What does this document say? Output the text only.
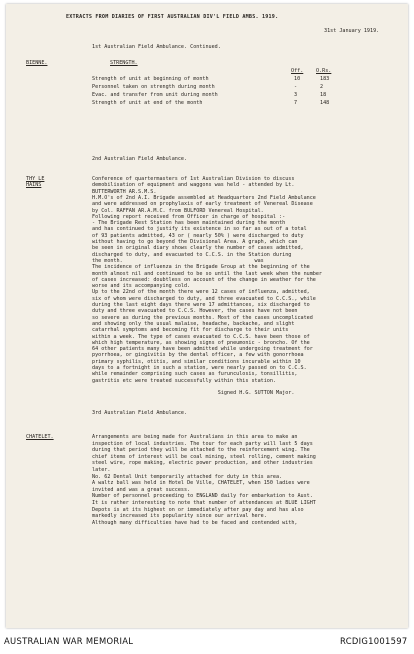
EXTRACTS FROM DIARIES OF FIRST AUSTRALIAN DIV'L FIELD AMBS. 1919.
31st January 1919.
1st Australian Field Ambulance. Continued.
BIENNE.	STRENGTH.
Off. O.Rs.
2nd Australian Field Ambulance.
THY LE
HAINS
3rd Australian Field Ambulance.
CHATELET.
Strength of unit at beginning of month	10	183
Personnel taken on strength during month	-	2
Evac. and transfer from unit during month	3	18
Strength of unit at end of the month	7	148
Conference of quartermasters of 1st Australian Division to discuss
demobilisation of equipment and waggons was held - attended by Lt.
BUTTERWORTH AR.S.M.S.
H.M.O's of 2nd A.I. Brigade assembled at Headquarters 2nd Field Ambulance
and were addressed on prophylaxis of early treatment of Venereal Disease
by Col. RAFFAN AR.A.M.C. from BULFORD Venereal Hospital.
Following report received from Officer in charge of hospital :-
- The Brigade Rest Station has been maintained during the month
and has continued to justify its existence in so far as out of a total
of 93 patients admitted, 43 or ( nearly 50% ) were discharged to duty
without having to go beyond the Divisional Area. A graph, which can
be seen in original diary shows clearly the number of cases admitted,
discharged to duty, and evacuated to C.C.S. in the Station during
the month.                                           was
The incidence of influenza in the Brigade Group at the beginning of the
month almost nil and continued to be so until the last week when the number
of cases increased: doubtless on account of the change in weather for the
worse and its accompanying cold.
Up to the 22nd of the month there were 12 cases of influenza, admitted,
six of whom were discharged to duty, and three evacuated to C.C.S., while
during the last eight days there were 17 admittances, six discharged to
duty and three evacuated to C.C.S. However, the cases have not been
so severe as during the previous months. Most of the cases uncomplicated
and showing only the usual malaise, headache, backache, and slight
catarrhal symptoms and becoming fit for discharge to their units
within a week. The type of cases evacuated to C.C.S. have been those of
which high temperature, as showing signs of pneumonic - broncho. Of the
64 other patients many have been admitted while undergoing treatment for
pyorrhoea, or gingivitis by the dental officer, a few with gonorrhoea
primary syphilis, otitis, and similar conditions incurable within 10
days to a fortnight in such a station, were nearly passed on to C.C.S.
while remainder comprising such cases as furunculosis, tonsillitis,
gastritis etc were treated successfully within this station.
Signed H.G. SUTTON Major.
Arrangements are being made for Australians in this area to make an
inspection of local industries. The tour for each party will last 5 days
during that period they will be attached to the reinforcement wing. The
chief items of interest will be coal mining, steel rolling, cement making
steel wire, rope making, electric power production, and other industries
later.
No. 62 Dental Unit temporarily attached for duty in this area.
A waltz ball was held in Hotel De Ville, CHATELET, when 150 ladies were
invited and was a great success.
Number of personnel proceeding to ENGLAND daily for embarkation to Aust.
It is rather interesting to note that number of attendances at BLUE LIGHT
Depots is at its highest on or immediately after pay day and has also
markedly increased its popularity since our arrival here.
Although many difficulties have had to be faced and contended with,
AUSTRALIAN WAR MEMORIAL	RCDIG1001597
